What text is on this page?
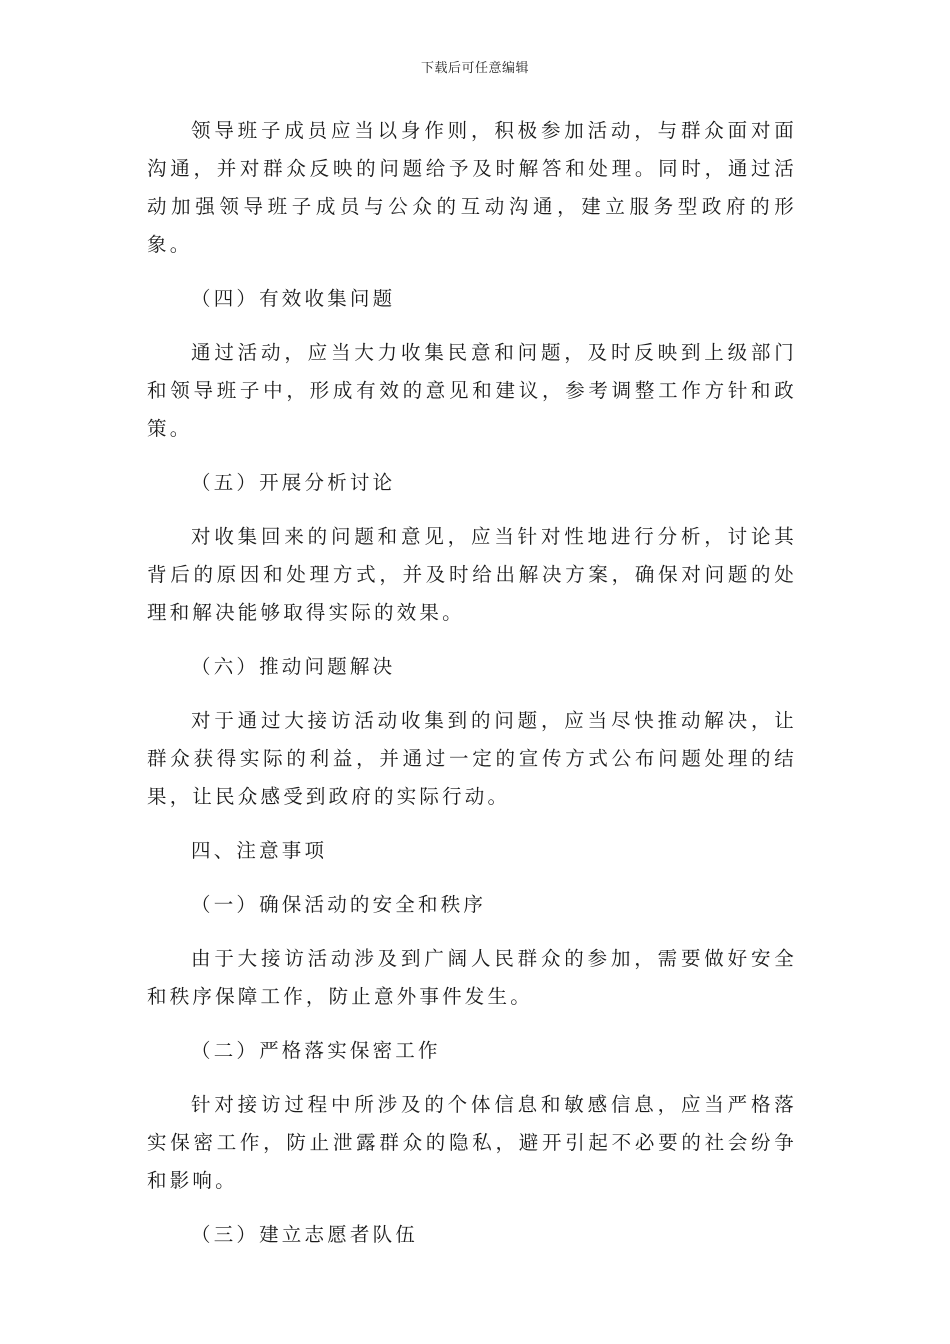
下载后可任意编辑

领导班子成员应当以身作则，积极参加活动，与群众面对面沟通，并对群众反映的问题给予及时解答和处理。同时，通过活动加强领导班子成员与公众的互动沟通，建立服务型政府的形象。

（四）有效收集问题

通过活动，应当大力收集民意和问题，及时反映到上级部门和领导班子中，形成有效的意见和建议，参考调整工作方针和政策。

（五）开展分析讨论

对收集回来的问题和意见，应当针对性地进行分析，讨论其背后的原因和处理方式，并及时给出解决方案，确保对问题的处理和解决能够取得实际的效果。

（六）推动问题解决

对于通过大接访活动收集到的问题，应当尽快推动解决，让群众获得实际的利益，并通过一定的宣传方式公布问题处理的结果，让民众感受到政府的实际行动。

四、注意事项

（一）确保活动的安全和秩序

由于大接访活动涉及到广阔人民群众的参加，需要做好安全和秩序保障工作，防止意外事件发生。

（二）严格落实保密工作

针对接访过程中所涉及的个体信息和敏感信息，应当严格落实保密工作，防止泄露群众的隐私，避开引起不必要的社会纷争和影响。

（三）建立志愿者队伍
